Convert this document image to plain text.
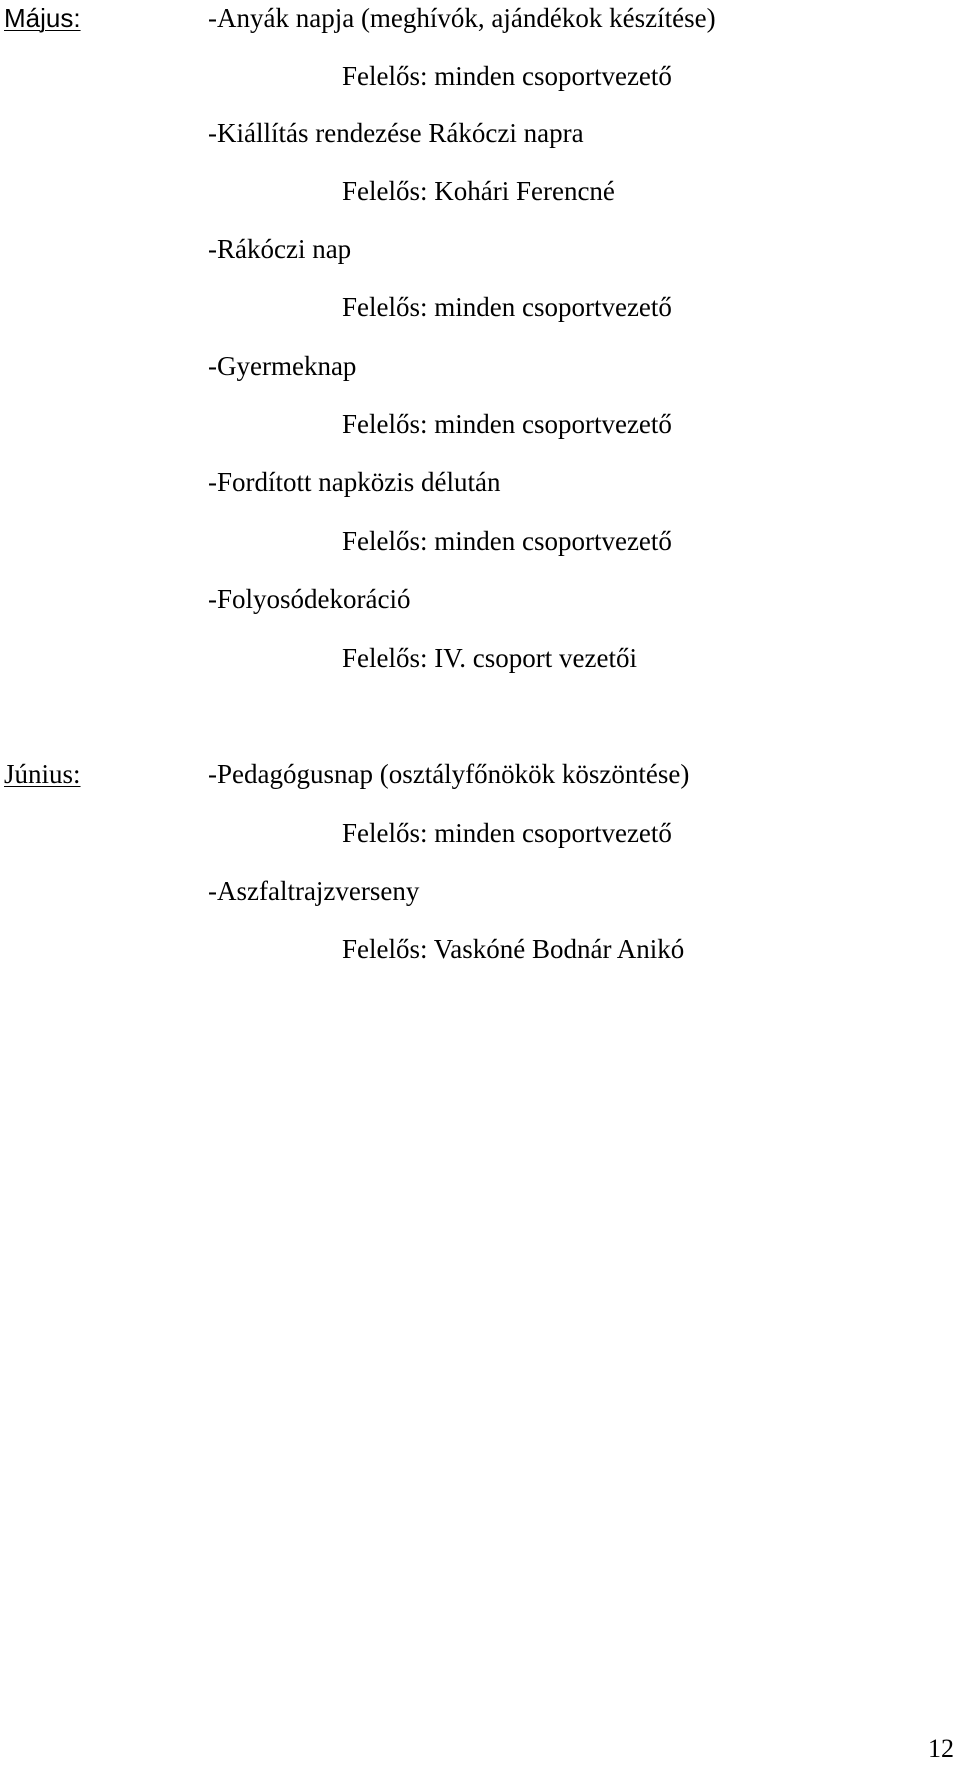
Május:	-Anyák napja (meghívók, ajándékok készítése)
Felelős: minden csoportvezető
-Kiállítás rendezése Rákóczi napra
Felelős: Kohári Ferencné
-Rákóczi nap
Felelős: minden csoportvezető
-Gyermeknap
Felelős: minden csoportvezető
-Fordított napközis délután
Felelős: minden csoportvezető
-Folyosódekoráció
Felelős: IV. csoport vezetői
Június:	-Pedagógusnap (osztályfőnökök köszöntése)
Felelős: minden csoportvezető
-Aszfaltrajzverseny
Felelős: Vaskóné Bodnár Anikó
12
